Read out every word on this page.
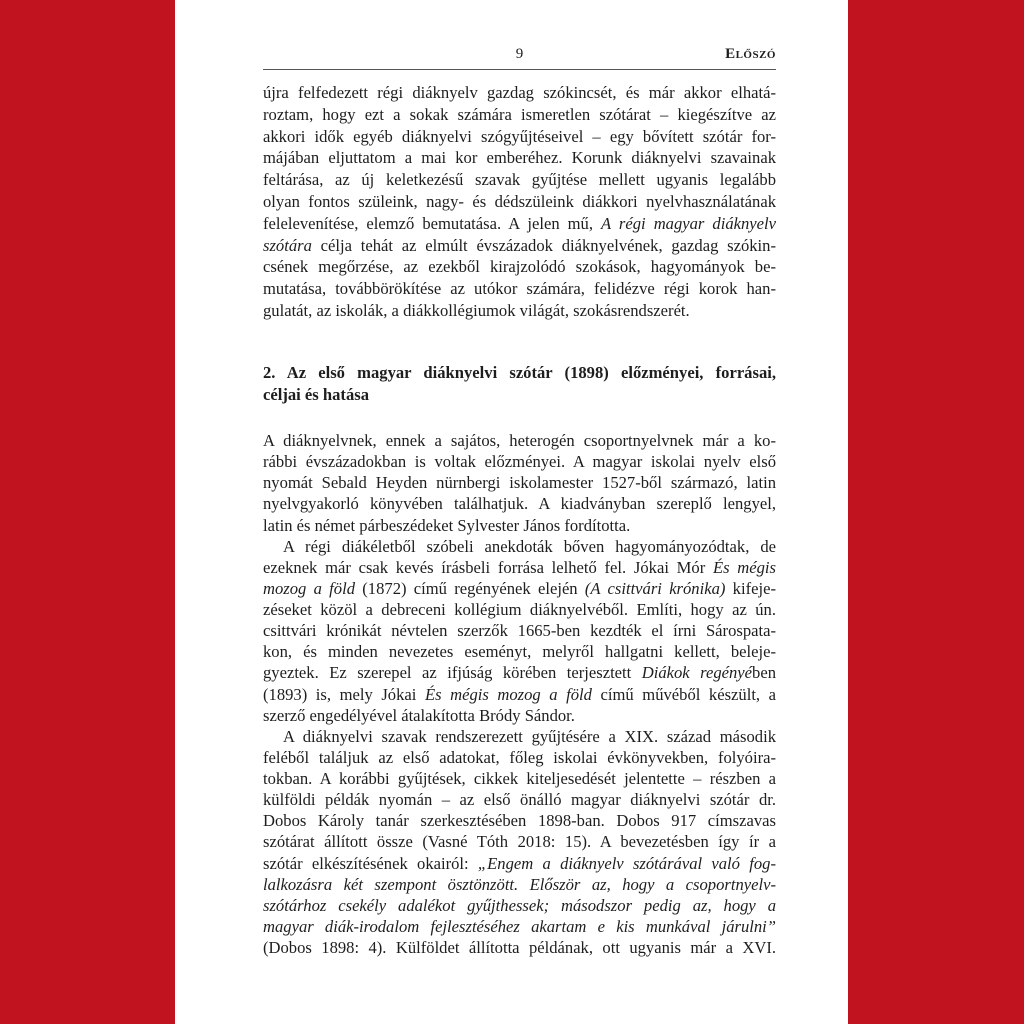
9	Előszó
újra felfedezett régi diáknyelv gazdag szókincsét, és már akkor elhatá-
roztam, hogy ezt a sokak számára ismeretlen szótárat – kiegészítve az
akkori idők egyéb diáknyelvi szógyűjtéseivel – egy bővített szótár for-
májában eljuttatom a mai kor emberéhez. Korunk diáknyelvi szavainak
feltárása, az új keletkezésű szavak gyűjtése mellett ugyanis legalább
olyan fontos szüleink, nagy- és dédszüleink diákkori nyelvhasználatának
felelevenítése, elemző bemutatása. A jelen mű, A régi magyar diáknyelv
szótára célja tehát az elmúlt évszázadok diáknyelvének, gazdag szókin-
csének megőrzése, az ezekből kirajzolódó szokások, hagyományok be-
mutatása, továbbörökítése az utókor számára, felidézve régi korok han-
gulatát, az iskolák, a diákkollégiumok világát, szokásrendszerét.
2. Az első magyar diáknyelvi szótár (1898) előzményei, forrásai,
céljai és hatása
A diáknyelvnek, ennek a sajátos, heterogén csoportnyelvnek már a ko-
rábbi évszázadokban is voltak előzményei. A magyar iskolai nyelv első
nyomát Sebald Heyden nürnbergi iskolamester 1527-ből származó, latin
nyelvgyakorló könyvében találhatjuk. A kiadványban szereplő lengyel,
latin és német párbeszédeket Sylvester János fordította.
A régi diákéletből szóbeli anekdoták bőven hagyományozódtak, de
ezeknek már csak kevés írásbeli forrása lelhető fel. Jókai Mór És mégis
mozog a föld (1872) című regényének elején (A csittvári krónika) kifeje-
zéseket közöl a debreceni kollégium diáknyelvéből. Említi, hogy az ún.
csittvári krónikát névtelen szerzők 1665-ben kezdték el írni Sárospata-
kon, és minden nevezetes eseményt, melyről hallgatni kellett, beleje-
gyeztek. Ez szerepel az ifjúság körében terjesztett Diákok regényében
(1893) is, mely Jókai És mégis mozog a föld című művéből készült, a
szerző engedélyével átalakította Bródy Sándor.
A diáknyelvi szavak rendszerezett gyűjtésére a XIX. század második
feléből találjuk az első adatokat, főleg iskolai évkönyvekben, folyóira-
tokban. A korábbi gyűjtések, cikkek kiteljesedését jelentette – részben a
külföldi példák nyomán – az első önálló magyar diáknyelvi szótár dr.
Dobos Károly tanár szerkesztésében 1898-ban. Dobos 917 címszavas
szótárat állított össze (Vasné Tóth 2018: 15). A bevezetésben így ír a
szótár elkészítésének okairól: „Engem a diáknyelv szótárával való fog-
lalkozásra két szempont ösztönzött. Először az, hogy a csoportnyelv-
szótárhoz csekély adalékot gyűjthessek; másodszor pedig az, hogy a
magyar diák-irodalom fejlesztéséhez akartam e kis munkával járulni”
(Dobos 1898: 4). Külföldet állította példának, ott ugyanis már a XVI.
